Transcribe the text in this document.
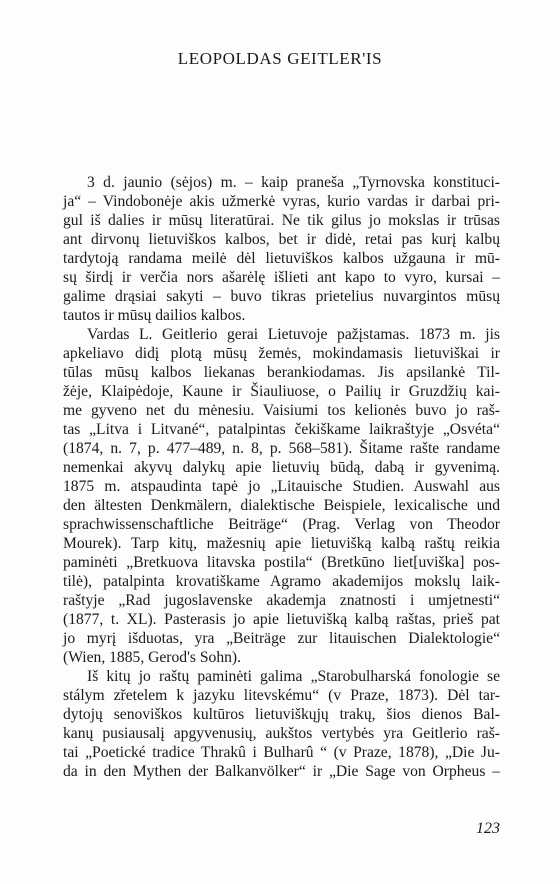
LEOPOLDAS GEITLER'IS
3 d. jaunio (sėjos) m. – kaip praneša „Tyrnovska konstituci-
ja“ – Vindobonėje akis užmerkė vyras, kurio vardas ir darbai pri-
gul iš dalies ir mūsų literatūrai. Ne tik gilus jo mokslas ir trūsas
ant dirvonų lietuviškos kalbos, bet ir didė, retai pas kurį kalbų
tardytoją randama meilė dėl lietuviškos kalbos užgauna ir mū-
sų širdį ir verčia nors ašarėlę išlieti ant kapo to vyro, kursai –
galime drąsiai sakyti – buvo tikras prietelius nuvargintos mūsų
tautos ir mūsų dailios kalbos.
Vardas L. Geitlerio gerai Lietuvoje pažįstamas. 1873 m. jis
apkeliavo didį plotą mūsų žemės, mokindamasis lietuviškai ir
tūlas mūsų kalbos liekanas berankiodamas. Jis apsilankė Til-
žėje, Klaipėdoje, Kaune ir Šiauliuose, o Pailių ir Gruzdžių kai-
me gyveno net du mėnesiu. Vaisiumi tos kelionės buvo jo raš-
tas „Litva i Litvané“, patalpintas čekiškame laikraštyje „Osvéta“
(1874, n. 7, p. 477–489, n. 8, p. 568–581). Šitame rašte randame
nemenkai akyvų dalykų apie lietuvių būdą, dabą ir gyvenimą.
1875 m. atspaudinta tapė jo „Litauische Studien. Auswahl aus
den ältesten Denkmälern, dialektische Beispiele, lexicalische und
sprachwissenschaftliche Beiträge“ (Prag. Verlag von Theodor
Mourek). Tarp kitų, mažesnių apie lietuvišką kalbą raštų reikia
paminėti „Bretkuova litavska postila“ (Bretkūno liet[uviška] pos-
tilė), patalpinta krovatiškame Agramo akademijos mokslų laik-
raštyje „Rad jugoslavenske akademja znatnosti i umjetnesti“
(1877, t. XL). Pasterasis jo apie lietuvišką kalbą raštas, prieš pat
jo myrį išduotas, yra „Beiträge zur litauischen Dialektologie“
(Wien, 1885, Gerod's Sohn).
Iš kitų jo raštų paminėti galima „Starobulharská fonologie se
stálym zřetelem k jazyku litevskému“ (v Praze, 1873). Dėl tar-
dytojų senoviškos kultūros lietuviškųjų trakų, šios dienos Bal-
kanų pusiausalį apgyvenusių, aukštos vertybės yra Geitlerio raš-
tai „Poetické tradice Thrakû i Bulharû “ (v Praze, 1878), „Die Ju-
da in den Mythen der Balkanvölker“ ir „Die Sage von Orpheus –
123
